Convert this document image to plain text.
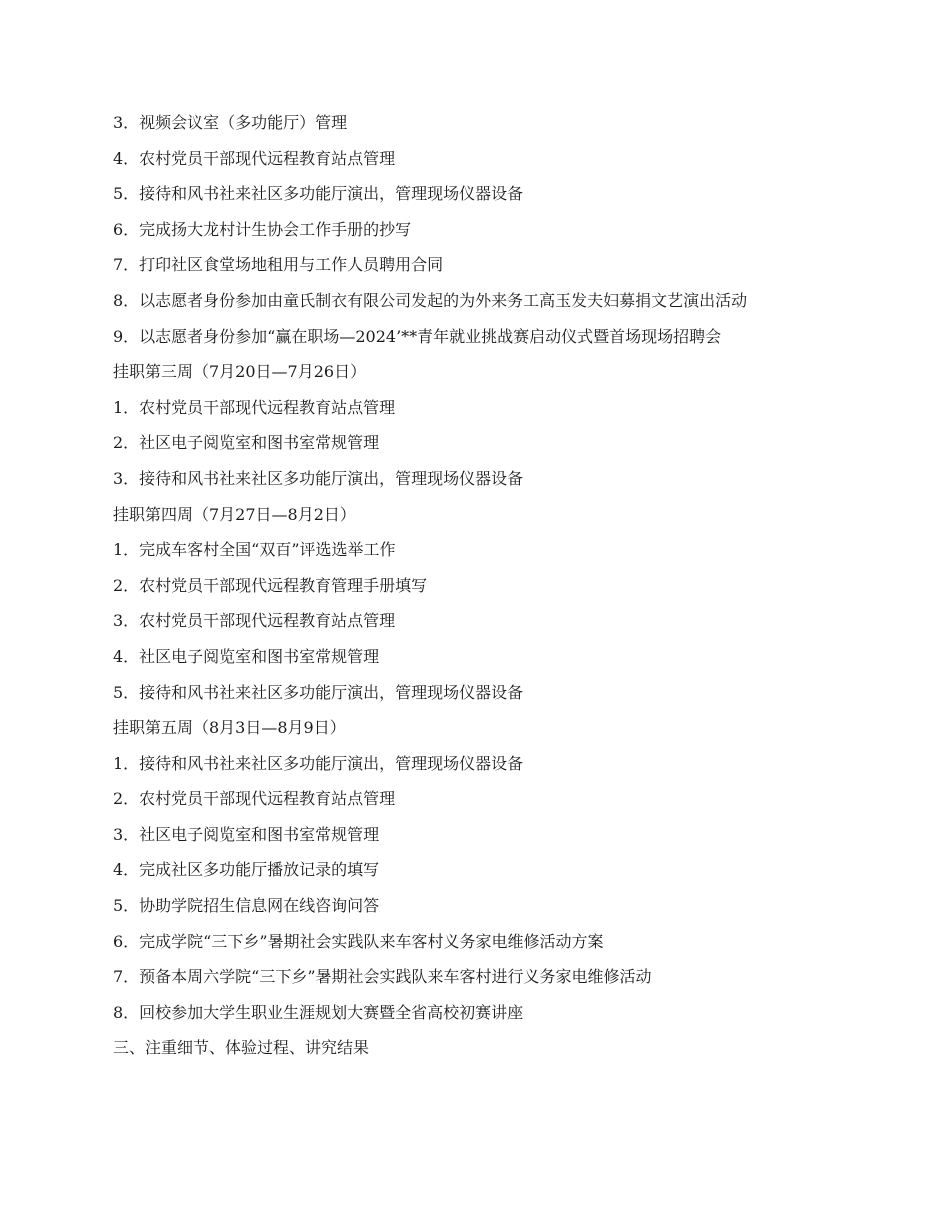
3．视频会议室（多功能厅）管理
4．农村党员干部现代远程教育站点管理
5．接待和风书社来社区多功能厅演出，管理现场仪器设备
6．完成扬大龙村计生协会工作手册的抄写
7．打印社区食堂场地租用与工作人员聘用合同
8．以志愿者身份参加由童氏制衣有限公司发起的为外来务工高玉发夫妇募捐文艺演出活动
9．以志愿者身份参加“赢在职场—2024’**青年就业挑战赛启动仪式暨首场现场招聘会
挂职第三周（7月20日—7月26日）
1．农村党员干部现代远程教育站点管理
2．社区电子阅览室和图书室常规管理
3．接待和风书社来社区多功能厅演出，管理现场仪器设备
挂职第四周（7月27日—8月2日）
1．完成车客村全国“双百”评选选举工作
2．农村党员干部现代远程教育管理手册填写
3．农村党员干部现代远程教育站点管理
4．社区电子阅览室和图书室常规管理
5．接待和风书社来社区多功能厅演出，管理现场仪器设备
挂职第五周（8月3日—8月9日）
1．接待和风书社来社区多功能厅演出，管理现场仪器设备
2．农村党员干部现代远程教育站点管理
3．社区电子阅览室和图书室常规管理
4．完成社区多功能厅播放记录的填写
5．协助学院招生信息网在线咨询问答
6．完成学院“三下乡”暑期社会实践队来车客村义务家电维修活动方案
7．预备本周六学院“三下乡”暑期社会实践队来车客村进行义务家电维修活动
8．回校参加大学生职业生涯规划大赛暨全省高校初赛讲座
三、注重细节、体验过程、讲究结果
